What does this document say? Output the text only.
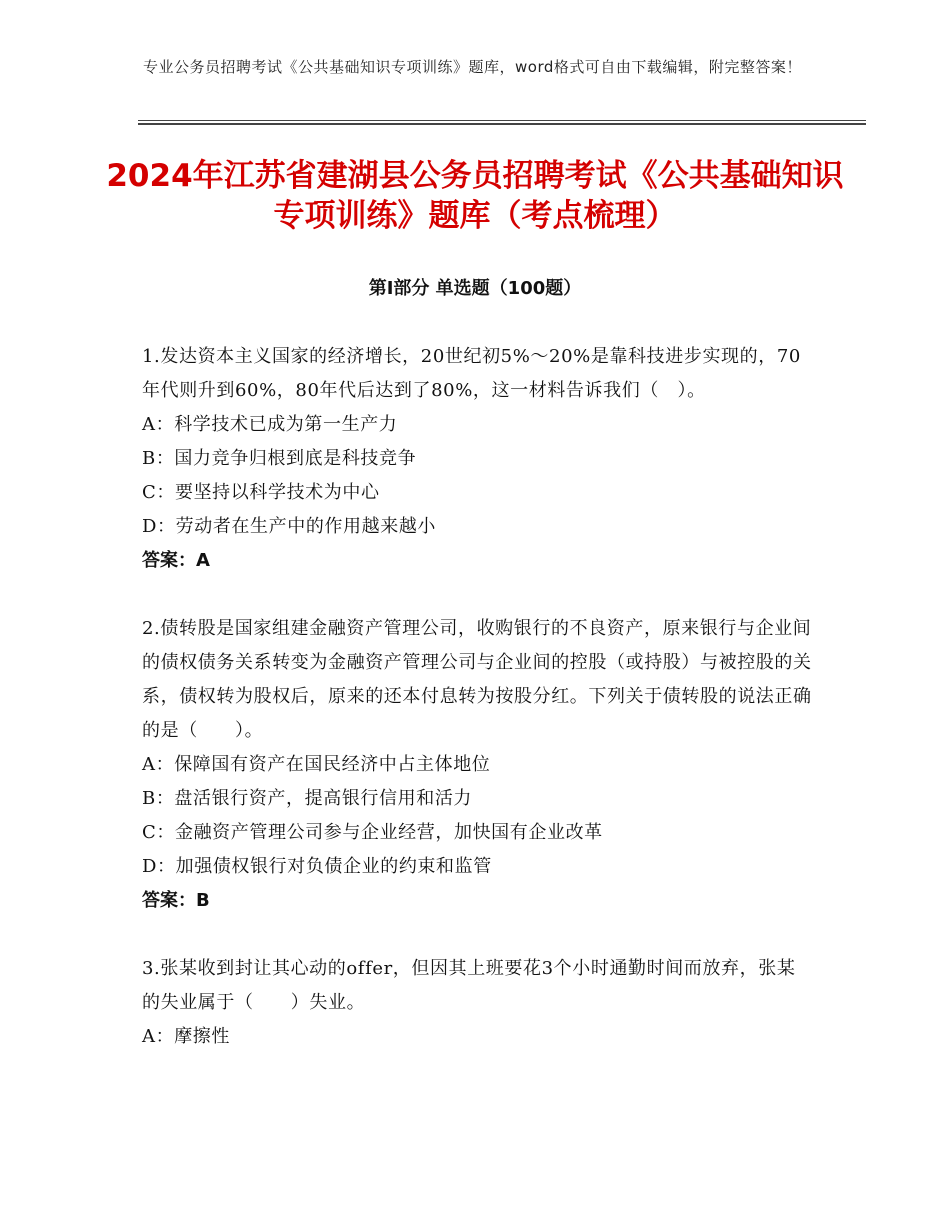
专业公务员招聘考试《公共基础知识专项训练》题库，word格式可自由下载编辑，附完整答案！
2024年江苏省建湖县公务员招聘考试《公共基础知识专项训练》题库（考点梳理）
第Ⅰ部分 单选题（100题）

1.发达资本主义国家的经济增长，20世纪初5%～20%是靠科技进步实现的，70年代则升到60%，80年代后达到了80%，这一材料告诉我们（　）。

A：科学技术已成为第一生产力

B：国力竞争归根到底是科技竞争

C：要坚持以科学技术为中心

D：劳动者在生产中的作用越来越小

答案：A

2.债转股是国家组建金融资产管理公司，收购银行的不良资产，原来银行与企业间的债权债务关系转变为金融资产管理公司与企业间的控股（或持股）与被控股的关系，债权转为股权后，原来的还本付息转为按股分红。下列关于债转股的说法正确的是（　　）。

A：保障国有资产在国民经济中占主体地位

B：盘活银行资产，提高银行信用和活力

C：金融资产管理公司参与企业经营，加快国有企业改革

D：加强债权银行对负债企业的约束和监管

答案：B

3.张某收到封让其心动的offer，但因其上班要花3个小时通勤时间而放弃，张某的失业属于（　　）失业。

A：摩擦性
